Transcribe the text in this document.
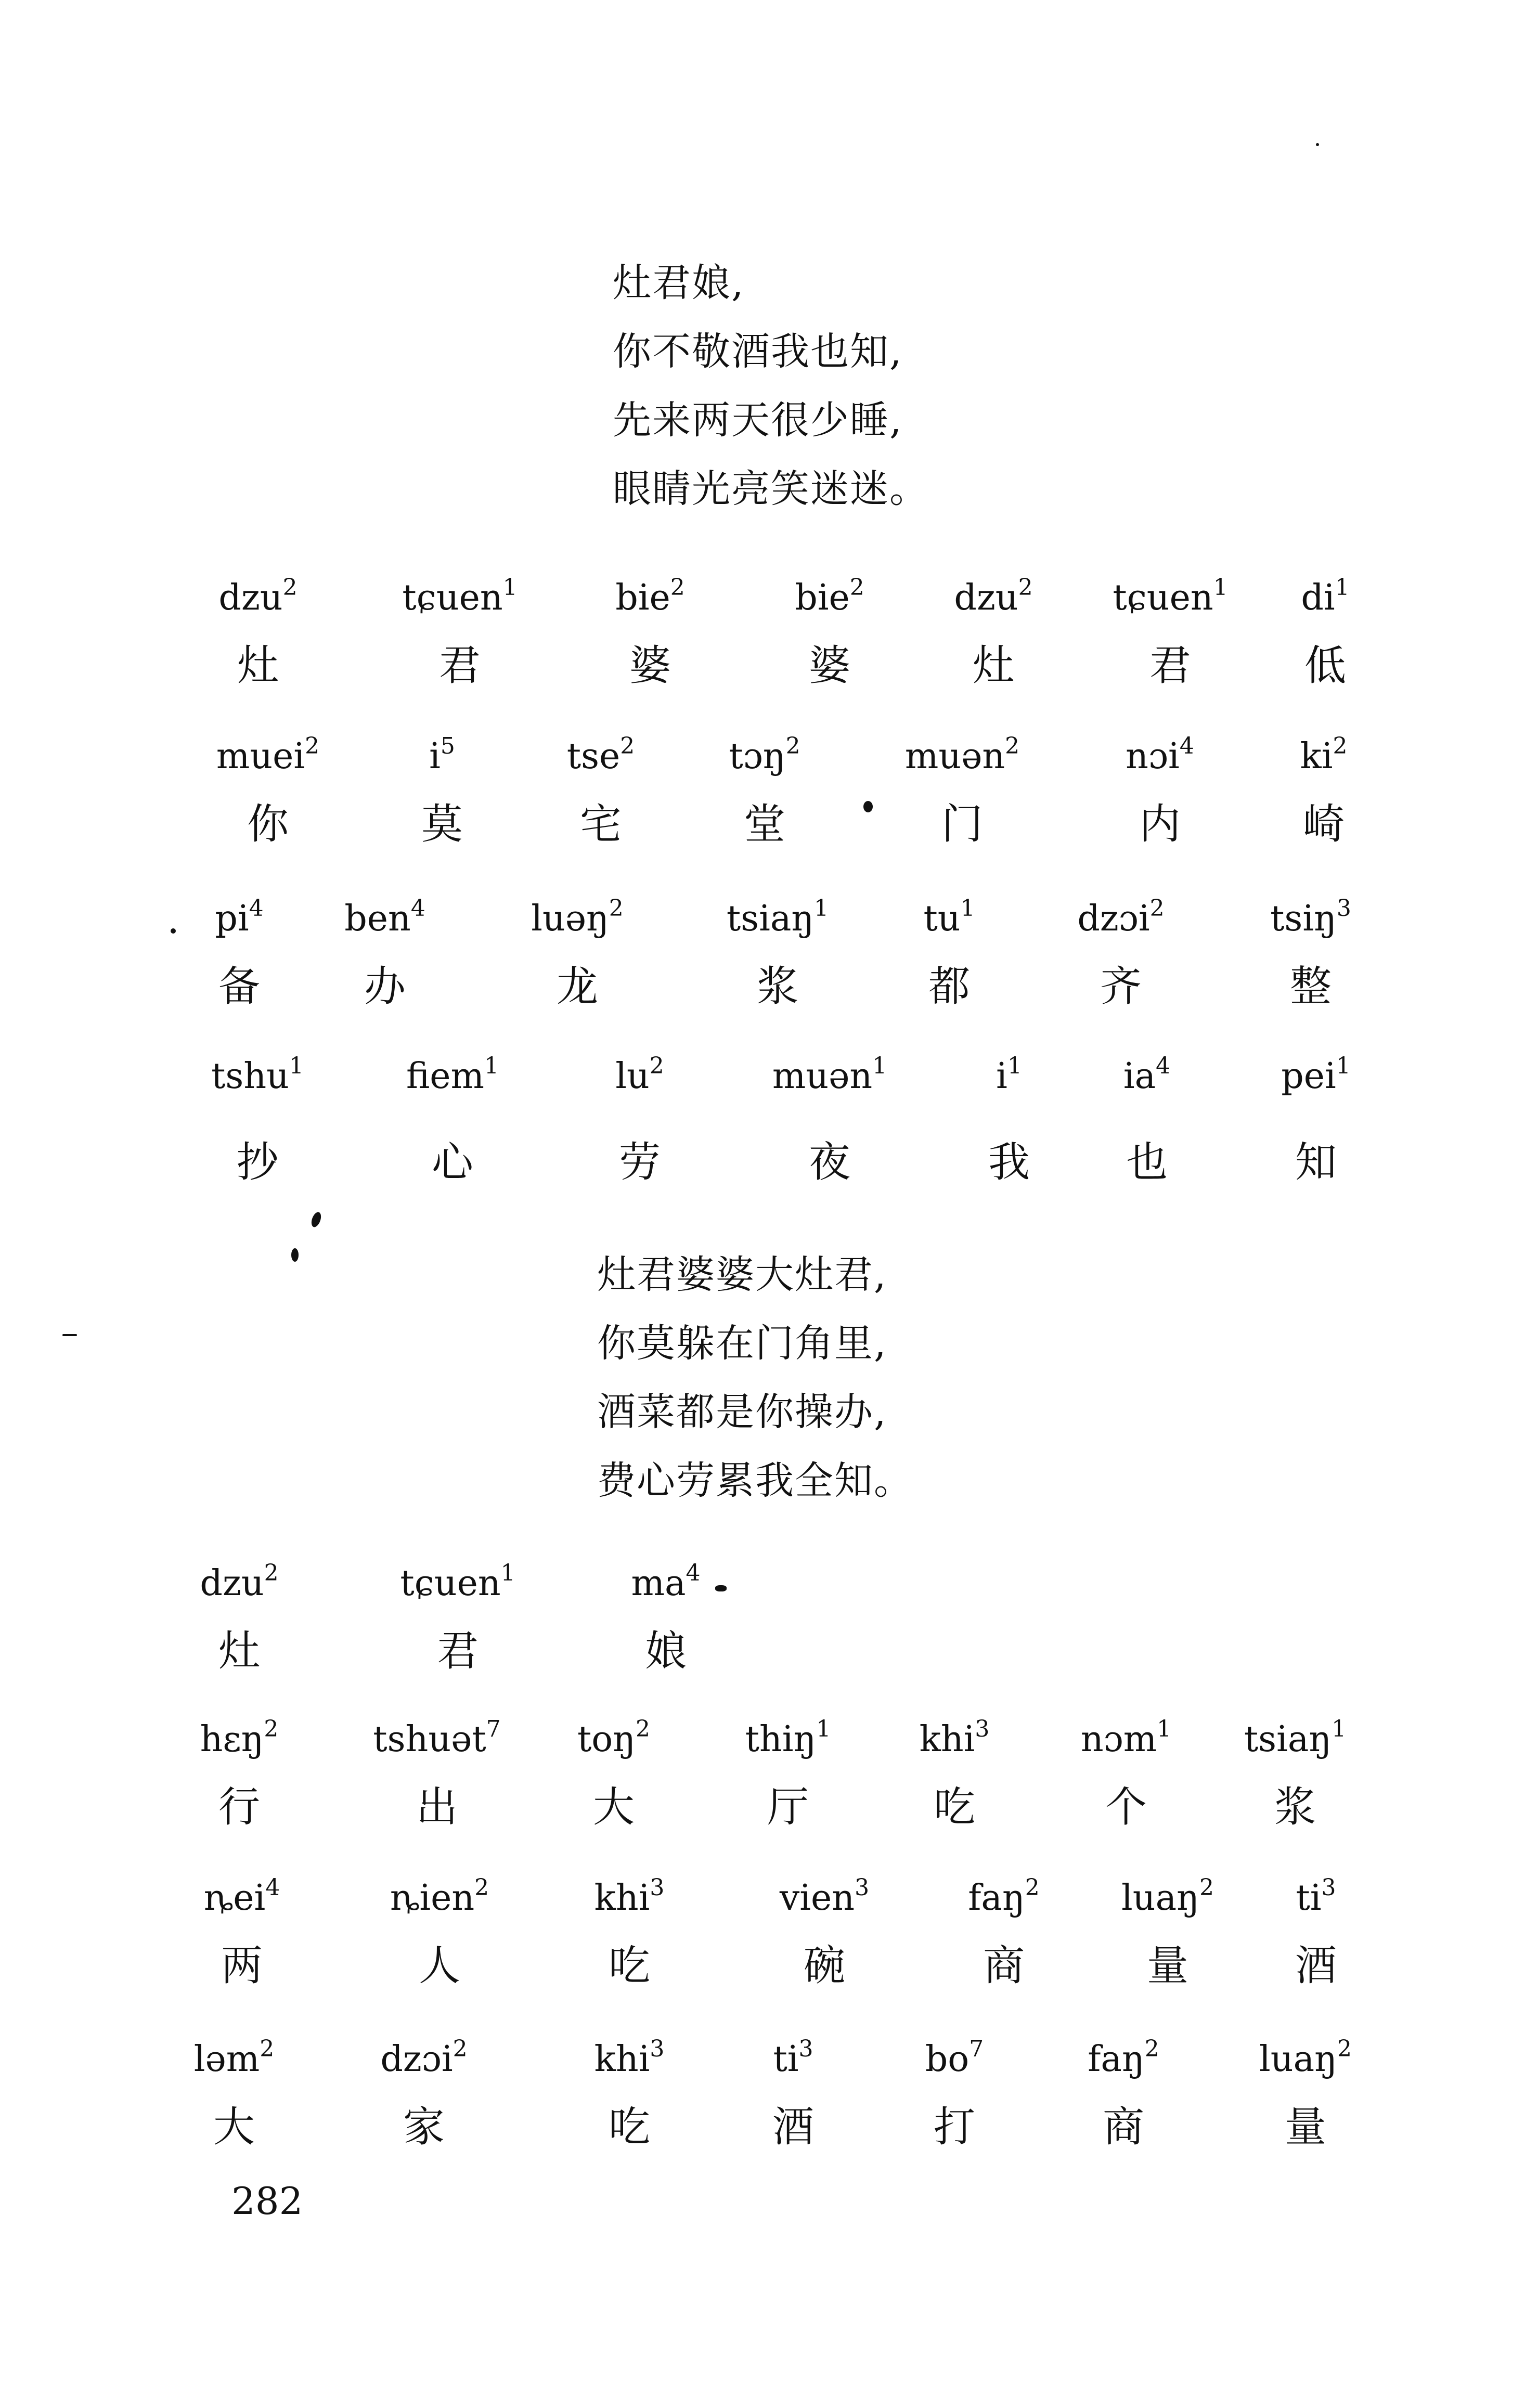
灶君娘,
你不敬酒我也知,
先来两天很少睡,
眼睛光亮笑迷迷。
dzu$^2$
灶
tɕuen$^1$
君
bie$^2$
婆
bie$^2$
婆
dzu$^2$
灶
tɕuen$^1$
君
$di^1$
低
muei$^2$
你
$i^5$
莫
tse$^2$
宅
tɔŋ$^2$
堂
muən$^2$
门
nɔi$^4$
内
$ki^2$
崎
$pi^4$
备
ben$^4$
办
luəŋ$^2$
龙
tsiaŋ$^1$
浆
$tu^1$
都
dzɔi$^2$
齐
tsiŋ$^3$
整
tshu$^1$
抄
fiem$^1$
心
$lu^2$
劳
muən$^1$
夜
$i^1$
我
$ia^4$
也
pei$^1$
知
灶君婆婆大灶君,
你莫躲在门角里,
酒菜都是你操办,
费心劳累我全知。
dzu$^2$
灶
tɕuen$^1$
君
$ma^4$
娘
hɛŋ$^2$
行
tshuət$^7$
出
toŋ$^2$
大
thiŋ$^1$
厅
khi$^3$
吃
nɔm$^1$
个
tsiaŋ$^1$
浆
ȵei$^4$
两
ȵien$^2$
人
khi$^3$
吃
vien$^3$
碗
faŋ$^2$
商
luaŋ$^2$
量
$ti^3$
酒
ləm$^2$
大
dzɔi$^2$
家
khi$^3$
吃
$ti^3$
酒
$bo^7$
打
faŋ$^2$
商
luaŋ$^2$
量
282
